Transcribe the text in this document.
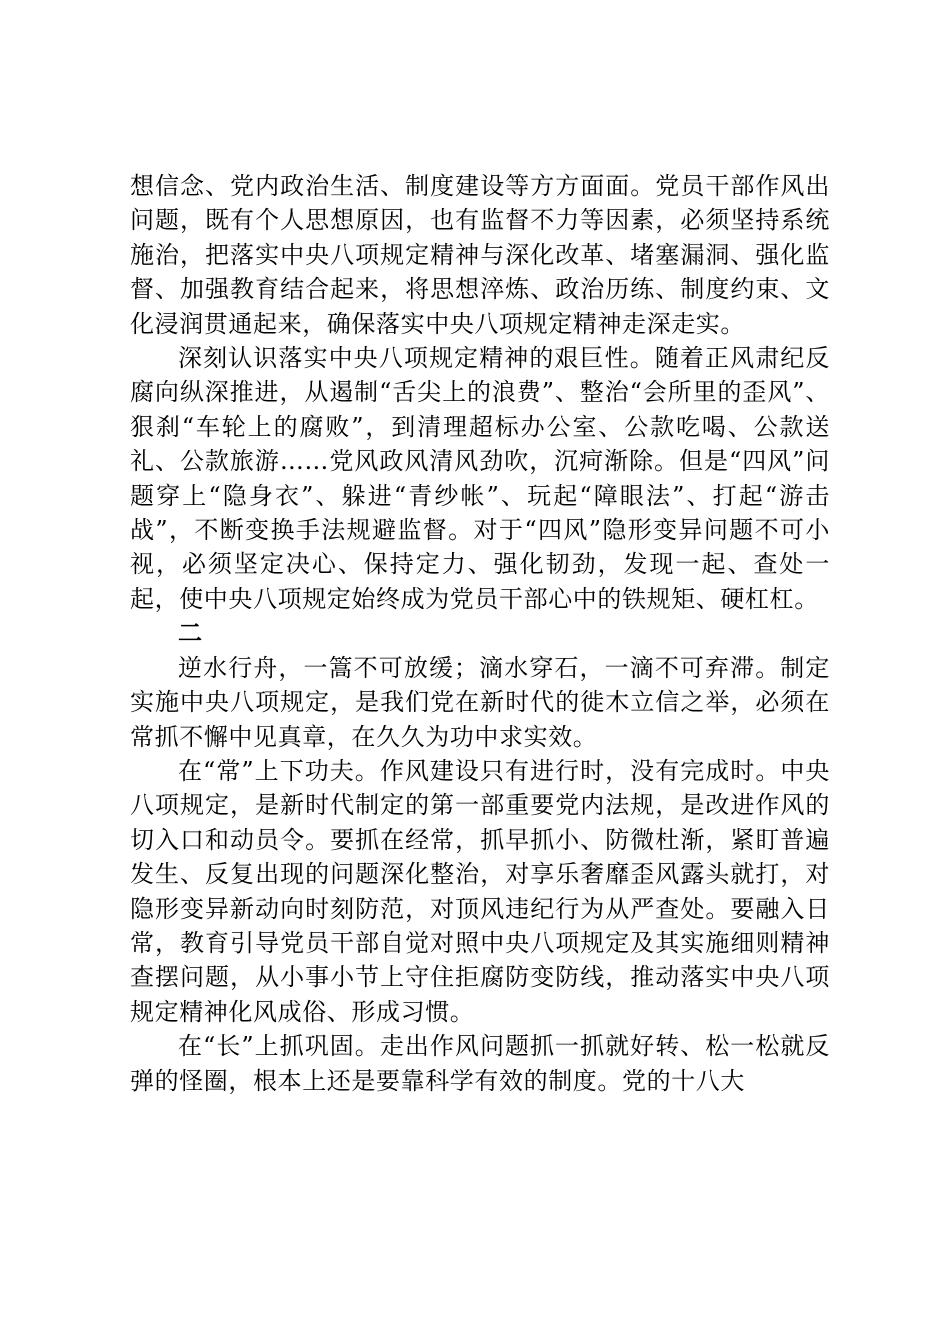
想信念、党内政治生活、制度建设等方方面面。党员干部作风出问题，既有个人思想原因，也有监督不力等因素，必须坚持系统施治，把落实中央八项规定精神与深化改革、堵塞漏洞、强化监督、加强教育结合起来，将思想淬炼、政治历练、制度约束、文化浸润贯通起来，确保落实中央八项规定精神走深走实。

深刻认识落实中央八项规定精神的艰巨性。随着正风肃纪反腐向纵深推进，从遏制“舌尖上的浪费”、整治“会所里的歪风”、狠刹“车轮上的腐败”，到清理超标办公室、公款吃喝、公款送礼、公款旅游……党风政风清风劲吹，沉疴渐除。但是“四风”问题穿上“隐身衣”、躲进“青纱帐”、玩起“障眼法”、打起“游击战”，不断变换手法规避监督。对于“四风”隐形变异问题不可小视，必须坚定决心、保持定力、强化韧劲，发现一起、查处一起，使中央八项规定始终成为党员干部心中的铁规矩、硬杠杠。

二

逆水行舟，一篙不可放缓；滴水穿石，一滴不可弃滞。制定实施中央八项规定，是我们党在新时代的徙木立信之举，必须在常抓不懈中见真章，在久久为功中求实效。

在“常”上下功夫。作风建设只有进行时，没有完成时。中央八项规定，是新时代制定的第一部重要党内法规，是改进作风的切入口和动员令。要抓在经常，抓早抓小、防微杜渐，紧盯普遍发生、反复出现的问题深化整治，对享乐奢靡歪风露头就打，对隐形变异新动向时刻防范，对顶风违纪行为从严查处。要融入日常，教育引导党员干部自觉对照中央八项规定及其实施细则精神查摆问题，从小事小节上守住拒腐防变防线，推动落实中央八项规定精神化风成俗、形成习惯。

在“长”上抓巩固。走出作风问题抓一抓就好转、松一松就反弹的怪圈，根本上还是要靠科学有效的制度。党的十八大
